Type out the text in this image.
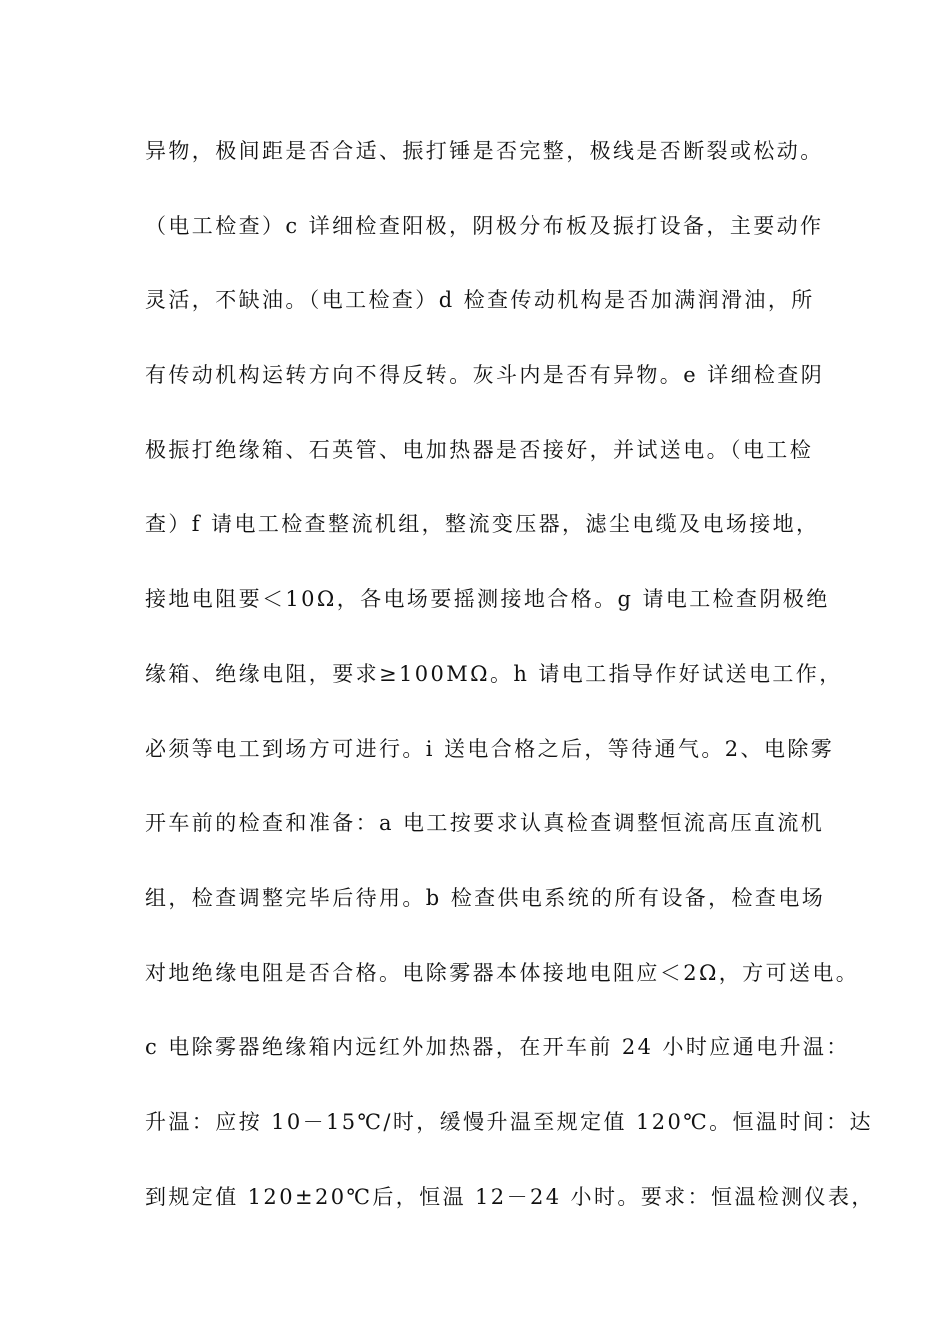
异物，极间距是否合适、振打锤是否完整，极线是否断裂或松动。
（电工检查）c 详细检查阳极，阴极分布板及振打设备，主要动作
灵活，不缺油。（电工检查）d 检查传动机构是否加满润滑油，所
有传动机构运转方向不得反转。灰斗内是否有异物。e 详细检查阴
极振打绝缘箱、石英管、电加热器是否接好，并试送电。（电工检
查）f 请电工检查整流机组，整流变压器，滤尘电缆及电场接地，
接地电阻要＜10Ω，各电场要摇测接地合格。g 请电工检查阴极绝
缘箱、绝缘电阻，要求≥100MΩ。h 请电工指导作好试送电工作，
必须等电工到场方可进行。i 送电合格之后，等待通气。2、电除雾
开车前的检查和准备：a 电工按要求认真检查调整恒流高压直流机
组，检查调整完毕后待用。b 检查供电系统的所有设备，检查电场
对地绝缘电阻是否合格。电除雾器本体接地电阻应＜2Ω，方可送电。
c 电除雾器绝缘箱内远红外加热器，在开车前 24 小时应通电升温：
升温：应按 10－15℃/时，缓慢升温至规定值 120℃。恒温时间：达
到规定值 120±20℃后，恒温 12－24 小时。要求：恒温检测仪表，
